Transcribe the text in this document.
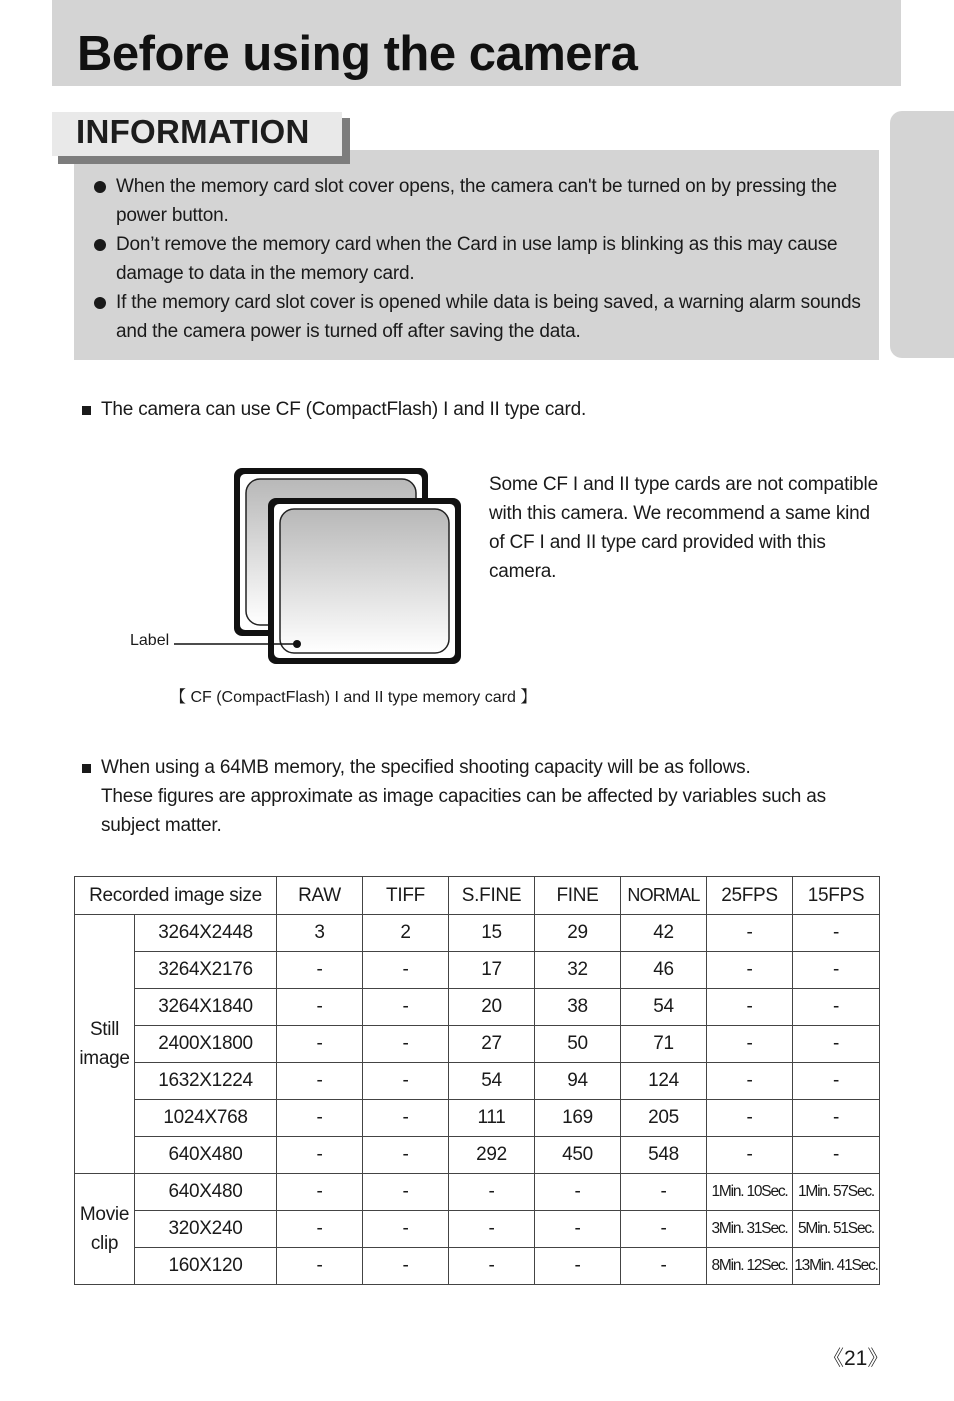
Before using the camera
INFORMATION
When the memory card slot cover opens, the camera can't be turned on by pressing the power button.
Don’t remove the memory card when the Card in use lamp is blinking as this may cause damage to data in the memory card.
If the memory card slot cover is opened while data is being saved, a warning alarm sounds and the camera power is turned off after saving the data.
The camera can use CF (CompactFlash) I and II type card.
Label
Some CF I and II type cards are not compatible with this camera. We recommend a same kind of CF I and II type card provided with this camera.
【 CF (CompactFlash) I and II type memory card 】
When using a 64MB memory, the specified shooting capacity will be as follows.
These figures are approximate as image capacities can be affected by variables such as subject matter.
Recorded image size		RAW	TIFF	S.FINE	FINE	NORMAL	25FPS	15FPS
Still
image	3264X2448	3	2	15	29	42	-	-
	3264X2176	-	-	17	32	46	-	-
	3264X1840	-	-	20	38	54	-	-
	2400X1800	-	-	27	50	71	-	-
	1632X1224	-	-	54	94	124	-	-
	1024X768	-	-	111	169	205	-	-
	640X480	-	-	292	450	548	-	-
Movie
clip	640X480	-	-	-	-	-	1Min. 10Sec.	1Min. 57Sec.
	320X240	-	-	-	-	-	3Min. 31Sec.	5Min. 51Sec.
	160X120	-	-	-	-	-	8Min. 12Sec.	13Min. 41Sec.
《21》
